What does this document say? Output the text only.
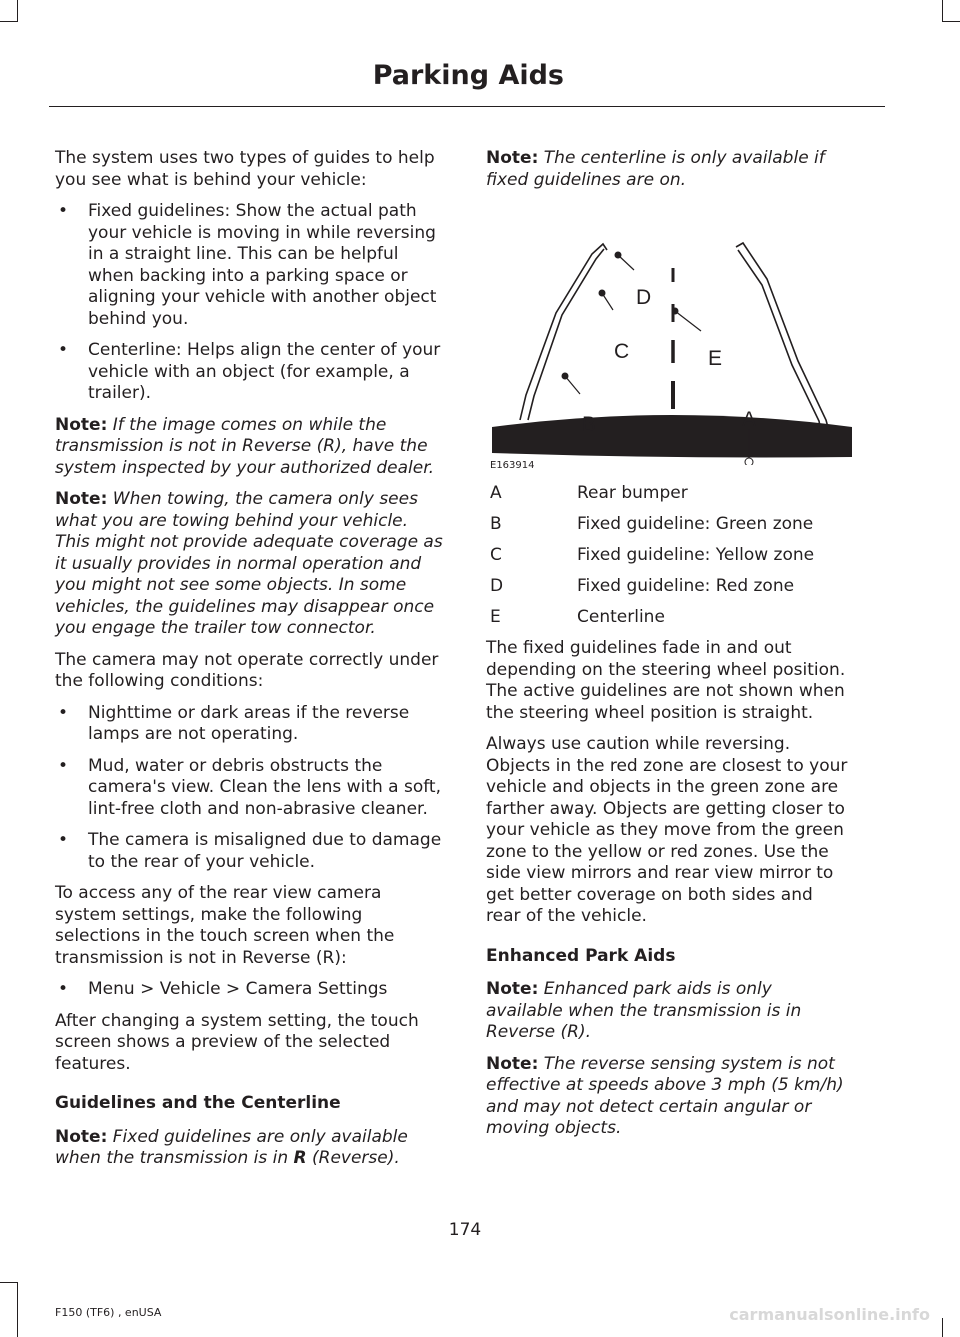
Parking Aids

The system uses two types of guides to help you see what is behind your vehicle:

• Fixed guidelines: Show the actual path your vehicle is moving in while reversing in a straight line. This can be helpful when backing into a parking space or aligning your vehicle with another object behind you.
• Centerline: Helps align the center of your vehicle with an object (for example, a trailer).

Note: If the image comes on while the transmission is not in Reverse (R), have the system inspected by your authorized dealer.

Note: When towing, the camera only sees what you are towing behind your vehicle. This might not provide adequate coverage as it usually provides in normal operation and you might not see some objects. In some vehicles, the guidelines may disappear once you engage the trailer tow connector.

The camera may not operate correctly under the following conditions:

• Nighttime or dark areas if the reverse lamps are not operating.
• Mud, water or debris obstructs the camera's view. Clean the lens with a soft, lint-free cloth and non-abrasive cleaner.
• The camera is misaligned due to damage to the rear of your vehicle.

To access any of the rear view camera system settings, make the following selections in the touch screen when the transmission is not in Reverse (R):

• Menu > Vehicle > Camera Settings

After changing a system setting, the touch screen shows a preview of the selected features.

Guidelines and the Centerline

Note: Fixed guidelines are only available when the transmission is in R (Reverse).

Note: The centerline is only available if fixed guidelines are on.

D
C	E
B	A
E163914
A	Rear bumper
B	Fixed guideline: Green zone
C	Fixed guideline: Yellow zone
D	Fixed guideline: Red zone
E	Centerline

The fixed guidelines fade in and out depending on the steering wheel position. The active guidelines are not shown when the steering wheel position is straight.

Always use caution while reversing. Objects in the red zone are closest to your vehicle and objects in the green zone are farther away. Objects are getting closer to your vehicle as they move from the green zone to the yellow or red zones. Use the side view mirrors and rear view mirror to get better coverage on both sides and rear of the vehicle.

Enhanced Park Aids

Note: Enhanced park aids is only available when the transmission is in Reverse (R).

Note: The reverse sensing system is not effective at speeds above 3 mph (5 km/h) and may not detect certain angular or moving objects.

174
F150 (TF6) , enUSA	carmanualsonline.info
